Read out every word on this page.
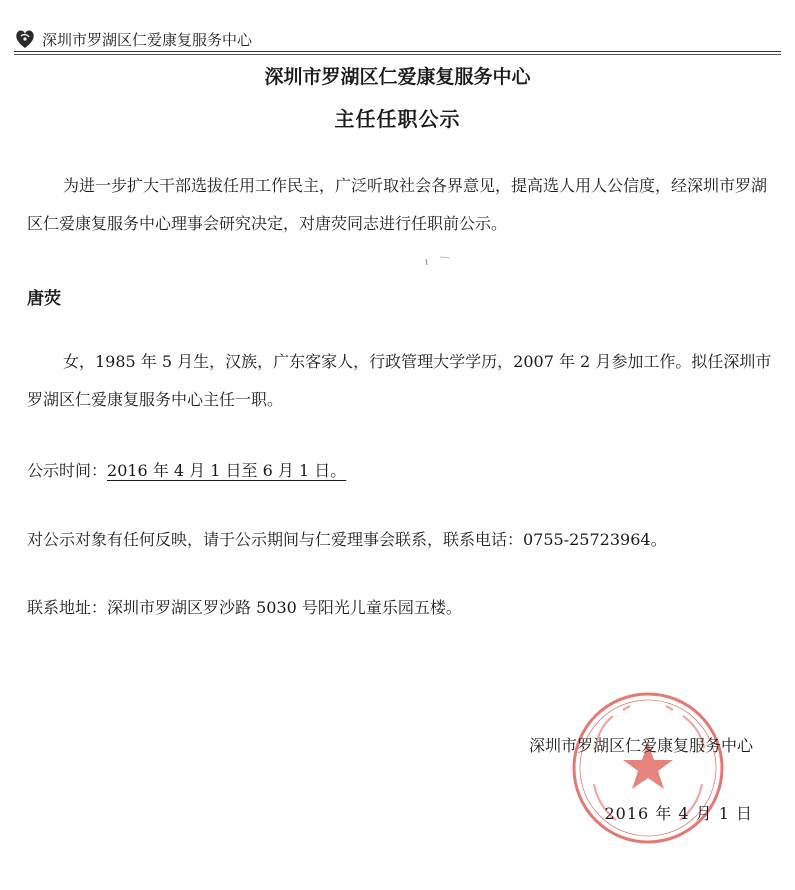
深圳市罗湖区仁爱康复服务中心
深圳市罗湖区仁爱康复服务中心
主任任职公示
为进一步扩大干部选拔任用工作民主，广泛听取社会各界意见，提高选人用人公信度，经深圳市罗湖区仁爱康复服务中心理事会研究决定，对唐荧同志进行任职前公示。
唐荧
女，1985 年 5 月生，汉族，广东客家人，行政管理大学学历，2007 年 2 月参加工作。拟任深圳市罗湖区仁爱康复服务中心主任一职。
公示时间：2016 年 4 月 1 日至 6 月 1 日。
对公示对象有任何反映，请于公示期间与仁爱理事会联系，联系电话：0755-25723964。
联系地址：深圳市罗湖区罗沙路 5030 号阳光儿童乐园五楼。
深圳市罗湖区仁爱康复服务中心
2016 年 4 月 1 日
